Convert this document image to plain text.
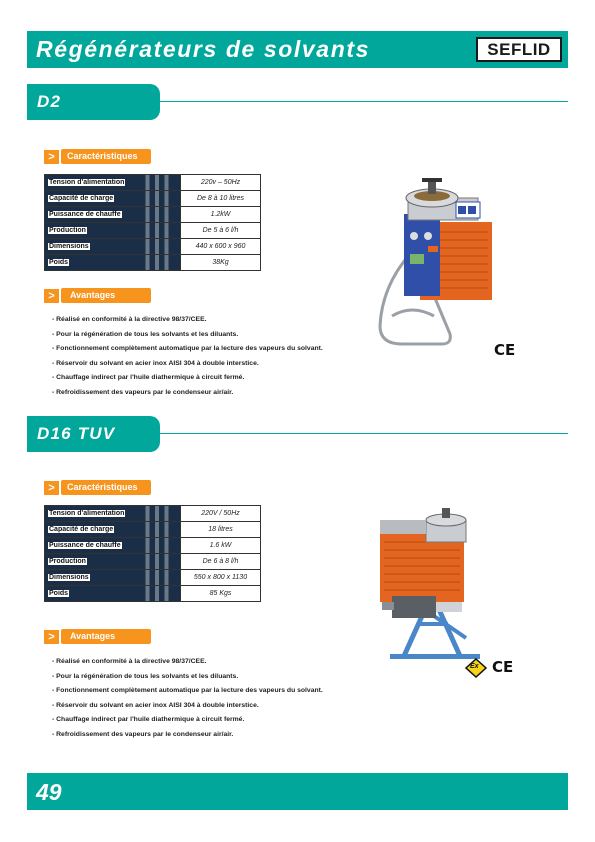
Régénérateurs de solvants	SEFLID
D2
>	Caractéristiques
Tension d'alimentation	220v – 50Hz
Capacité de charge	De 8 à 10 litres
Puissance de chauffe	1.2kW
Production	De 5 à 6 l/h
Dimensions	440 x 600 x 960
Poids	38Kg
>	Avantages
- Réalisé en conformité à la directive 98/37/CEE.
- Pour la régénération de tous les solvants et les diluants.
- Fonctionnement complètement automatique par la lecture des vapeurs du solvant.
- Réservoir du solvant en acier inox AISI 304 à double interstice.
- Chauffage indirect par l'huile diathermique à circuit fermé.
- Refroidissement des vapeurs par le condenseur air/air.
CE
D16 TUV
>	Caractéristiques
Tension d'alimentation	220V / 50Hz
Capacité de charge	18 litres
Puissance de chauffe	1.6 kW
Production	De 6 à 8 l/h
Dimensions	550 x 800 x 1130
Poids	85 Kgs
>	Avantages
- Réalisé en conformité à la directive 98/37/CEE.
- Pour la régénération de tous les solvants et les diluants.
- Fonctionnement complètement automatique par la lecture des vapeurs du solvant.
- Réservoir du solvant en acier inox AISI 304 à double interstice.
- Chauffage indirect par l'huile diathermique à circuit fermé.
- Refroidissement des vapeurs par le condenseur air/air.
Ex CE
49
